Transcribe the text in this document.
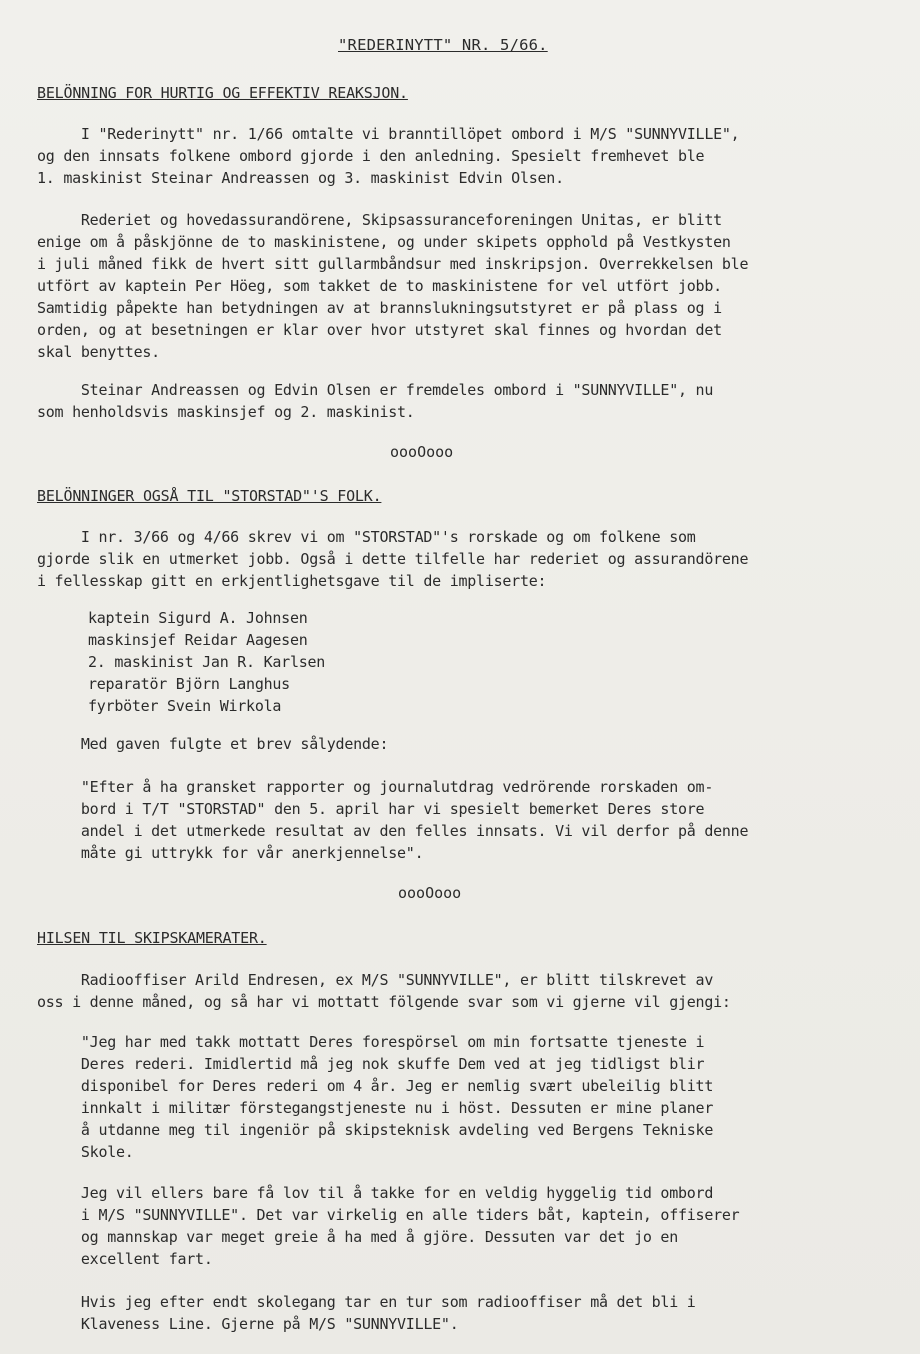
"REDERINYTT" NR. 5/66.
BELÖNNING FOR HURTIG OG EFFEKTIV REAKSJON.
I "Rederinytt" nr. 1/66 omtalte vi branntillöpet ombord i M/S "SUNNYVILLE",
og den innsats folkene ombord gjorde i den anledning. Spesielt fremhevet ble
1. maskinist Steinar Andreassen og 3. maskinist Edvin Olsen.
Rederiet og hovedassurandörene, Skipsassuranceforeningen Unitas, er blitt
enige om å påskjönne de to maskinistene, og under skipets opphold på Vestkysten
i juli måned fikk de hvert sitt gullarmbåndsur med inskripsjon. Overrekkelsen ble
utfört av kaptein Per Höeg, som takket de to maskinistene for vel utfört jobb.
Samtidig påpekte han betydningen av at brannslukningsutstyret er på plass og i
orden, og at besetningen er klar over hvor utstyret skal finnes og hvordan det
skal benyttes.
Steinar Andreassen og Edvin Olsen er fremdeles ombord i "SUNNYVILLE", nu
som henholdsvis maskinsjef og 2. maskinist.
oooOooo
BELÖNNINGER OGSÅ TIL "STORSTAD"'S FOLK.
I nr. 3/66 og 4/66 skrev vi om "STORSTAD"'s rorskade og om folkene som
gjorde slik en utmerket jobb. Også i dette tilfelle har rederiet og assurandörene
i fellesskap gitt en erkjentlighetsgave til de impliserte:
kaptein Sigurd A. Johnsen
maskinsjef Reidar Aagesen
2. maskinist Jan R. Karlsen
reparatör Björn Langhus
fyrböter Svein Wirkola
Med gaven fulgte et brev sålydende:
"Efter å ha gransket rapporter og journalutdrag vedrörende rorskaden om-
bord i T/T "STORSTAD" den 5. april har vi spesielt bemerket Deres store
andel i det utmerkede resultat av den felles innsats. Vi vil derfor på denne
måte gi uttrykk for vår anerkjennelse".
oooOooo
HILSEN TIL SKIPSKAMERATER.
Radiooffiser Arild Endresen, ex M/S "SUNNYVILLE", er blitt tilskrevet av
oss i denne måned, og så har vi mottatt fölgende svar som vi gjerne vil gjengi:
"Jeg har med takk mottatt Deres forespörsel om min fortsatte tjeneste i
Deres rederi. Imidlertid må jeg nok skuffe Dem ved at jeg tidligst blir
disponibel for Deres rederi om 4 år. Jeg er nemlig svært ubeleilig blitt
innkalt i militær förstegangstjeneste nu i höst. Dessuten er mine planer
å utdanne meg til ingeniör på skipsteknisk avdeling ved Bergens Tekniske
Skole.
Jeg vil ellers bare få lov til å takke for en veldig hyggelig tid ombord
i M/S "SUNNYVILLE". Det var virkelig en alle tiders båt, kaptein, offiserer
og mannskap var meget greie å ha med å gjöre. Dessuten var det jo en
excellent fart.
Hvis jeg efter endt skolegang tar en tur som radiooffiser må det bli i
Klaveness Line. Gjerne på M/S "SUNNYVILLE".
